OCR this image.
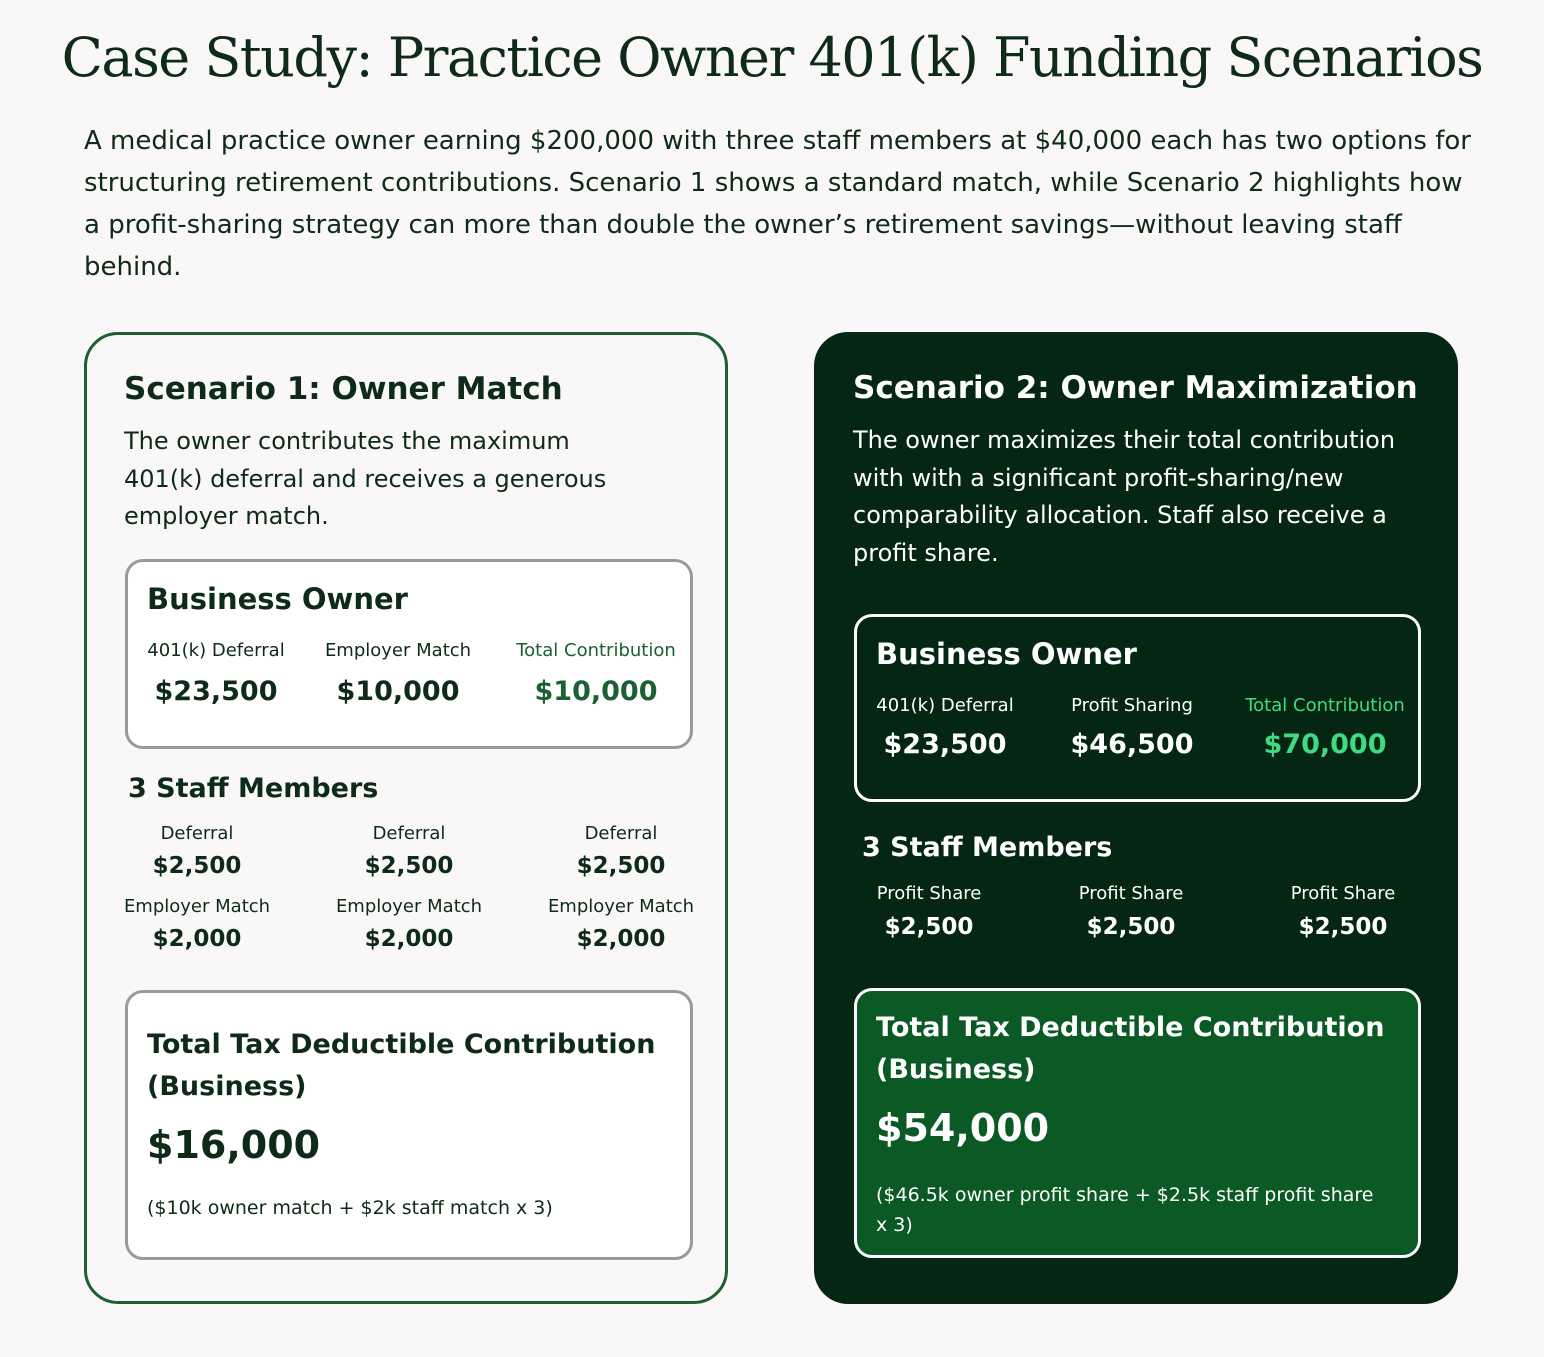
Case Study: Practice Owner 401(k) Funding Scenarios
A medical practice owner earning $200,000 with three staff members at $40,000 each has two options for structuring retirement contributions. Scenario 1 shows a standard match, while Scenario 2 highlights how a profit-sharing strategy can more than double the owner’s retirement savings—without leaving staff behind.
Scenario 1: Owner Match
The owner contributes the maximum 401(k) deferral and receives a generous employer match.
Business Owner
401(k) Deferral
$23,500
Employer Match
$10,000
Total Contribution
$10,000
3 Staff Members
Deferral
$2,500
Employer Match
$2,000
Deferral
$2,500
Employer Match
$2,000
Deferral
$2,500
Employer Match
$2,000
Total Tax Deductible Contribution (Business)
$16,000
($10k owner match + $2k staff match x 3)
Scenario 2: Owner Maximization
The owner maximizes their total contribution with with a significant profit-sharing/new comparability allocation. Staff also receive a profit share.
Business Owner
401(k) Deferral
$23,500
Profit Sharing
$46,500
Total Contribution
$70,000
3 Staff Members
Profit Share
$2,500
Profit Share
$2,500
Profit Share
$2,500
Total Tax Deductible Contribution (Business)
$54,000
($46.5k owner profit share + $2.5k staff profit share x 3)
